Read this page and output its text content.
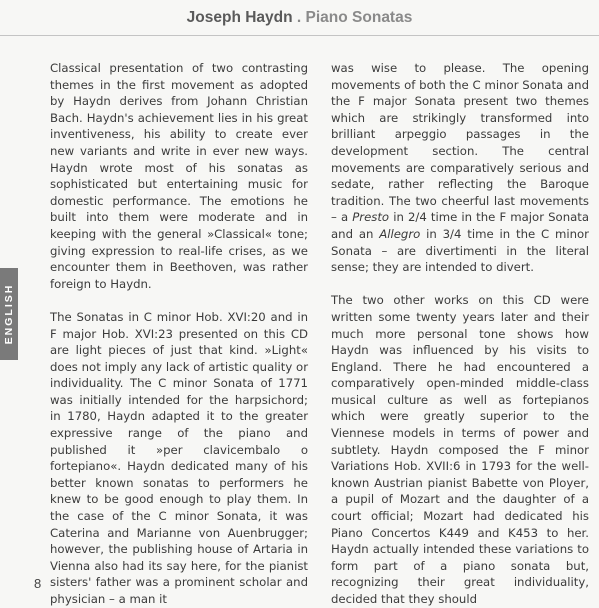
Joseph Haydn . Piano Sonatas
ENGLISH

Classical presentation of two contrasting themes in the first movement as adopted by Haydn derives from Johann Christian Bach. Haydn's achievement lies in his great inventiveness, his ability to create ever new variants and write in ever new ways. Haydn wrote most of his sonatas as sophisticated but entertaining music for domestic performance. The emotions he built into them were moderate and in keeping with the general »Classical« tone; giving expression to real-life crises, as we encounter them in Beethoven, was rather foreign to Haydn.

The Sonatas in C minor Hob. XVI:20 and in F major Hob. XVI:23 presented on this CD are light pieces of just that kind. »Light« does not imply any lack of artistic quality or individuality. The C minor Sonata of 1771 was initially intended for the harpsichord; in 1780, Haydn adapted it to the greater expressive range of the piano and published it »per clavicembalo o fortepiano«. Haydn dedicated many of his better known sonatas to performers he knew to be good enough to play them. In the case of the C minor Sonata, it was Caterina and Marianne von Auenbrugger; however, the publishing house of Artaria in Vienna also had its say here, for the pianist sisters' father was a prominent scholar and physician – a man it

was wise to please. The opening movements of both the C minor Sonata and the F major Sonata present two themes which are strikingly transformed into brilliant arpeggio passages in the development section. The central movements are comparatively serious and sedate, rather reflecting the Baroque tradition. The two cheerful last movements – a Presto in 2/4 time in the F major Sonata and an Allegro in 3/4 time in the C minor Sonata – are divertimenti in the literal sense; they are intended to divert.

The two other works on this CD were written some twenty years later and their much more personal tone shows how Haydn was influenced by his visits to England. There he had encountered a comparatively open-minded middle-class musical culture as well as fortepianos which were greatly superior to the Viennese models in terms of power and subtlety. Haydn composed the F minor Variations Hob. XVII:6 in 1793 for the well-known Austrian pianist Babette von Ployer, a pupil of Mozart and the daughter of a court official; Mozart had dedicated his Piano Concertos K449 and K453 to her. Haydn actually intended these variations to form part of a piano sonata but, recognizing their great individuality, decided that they should

8
